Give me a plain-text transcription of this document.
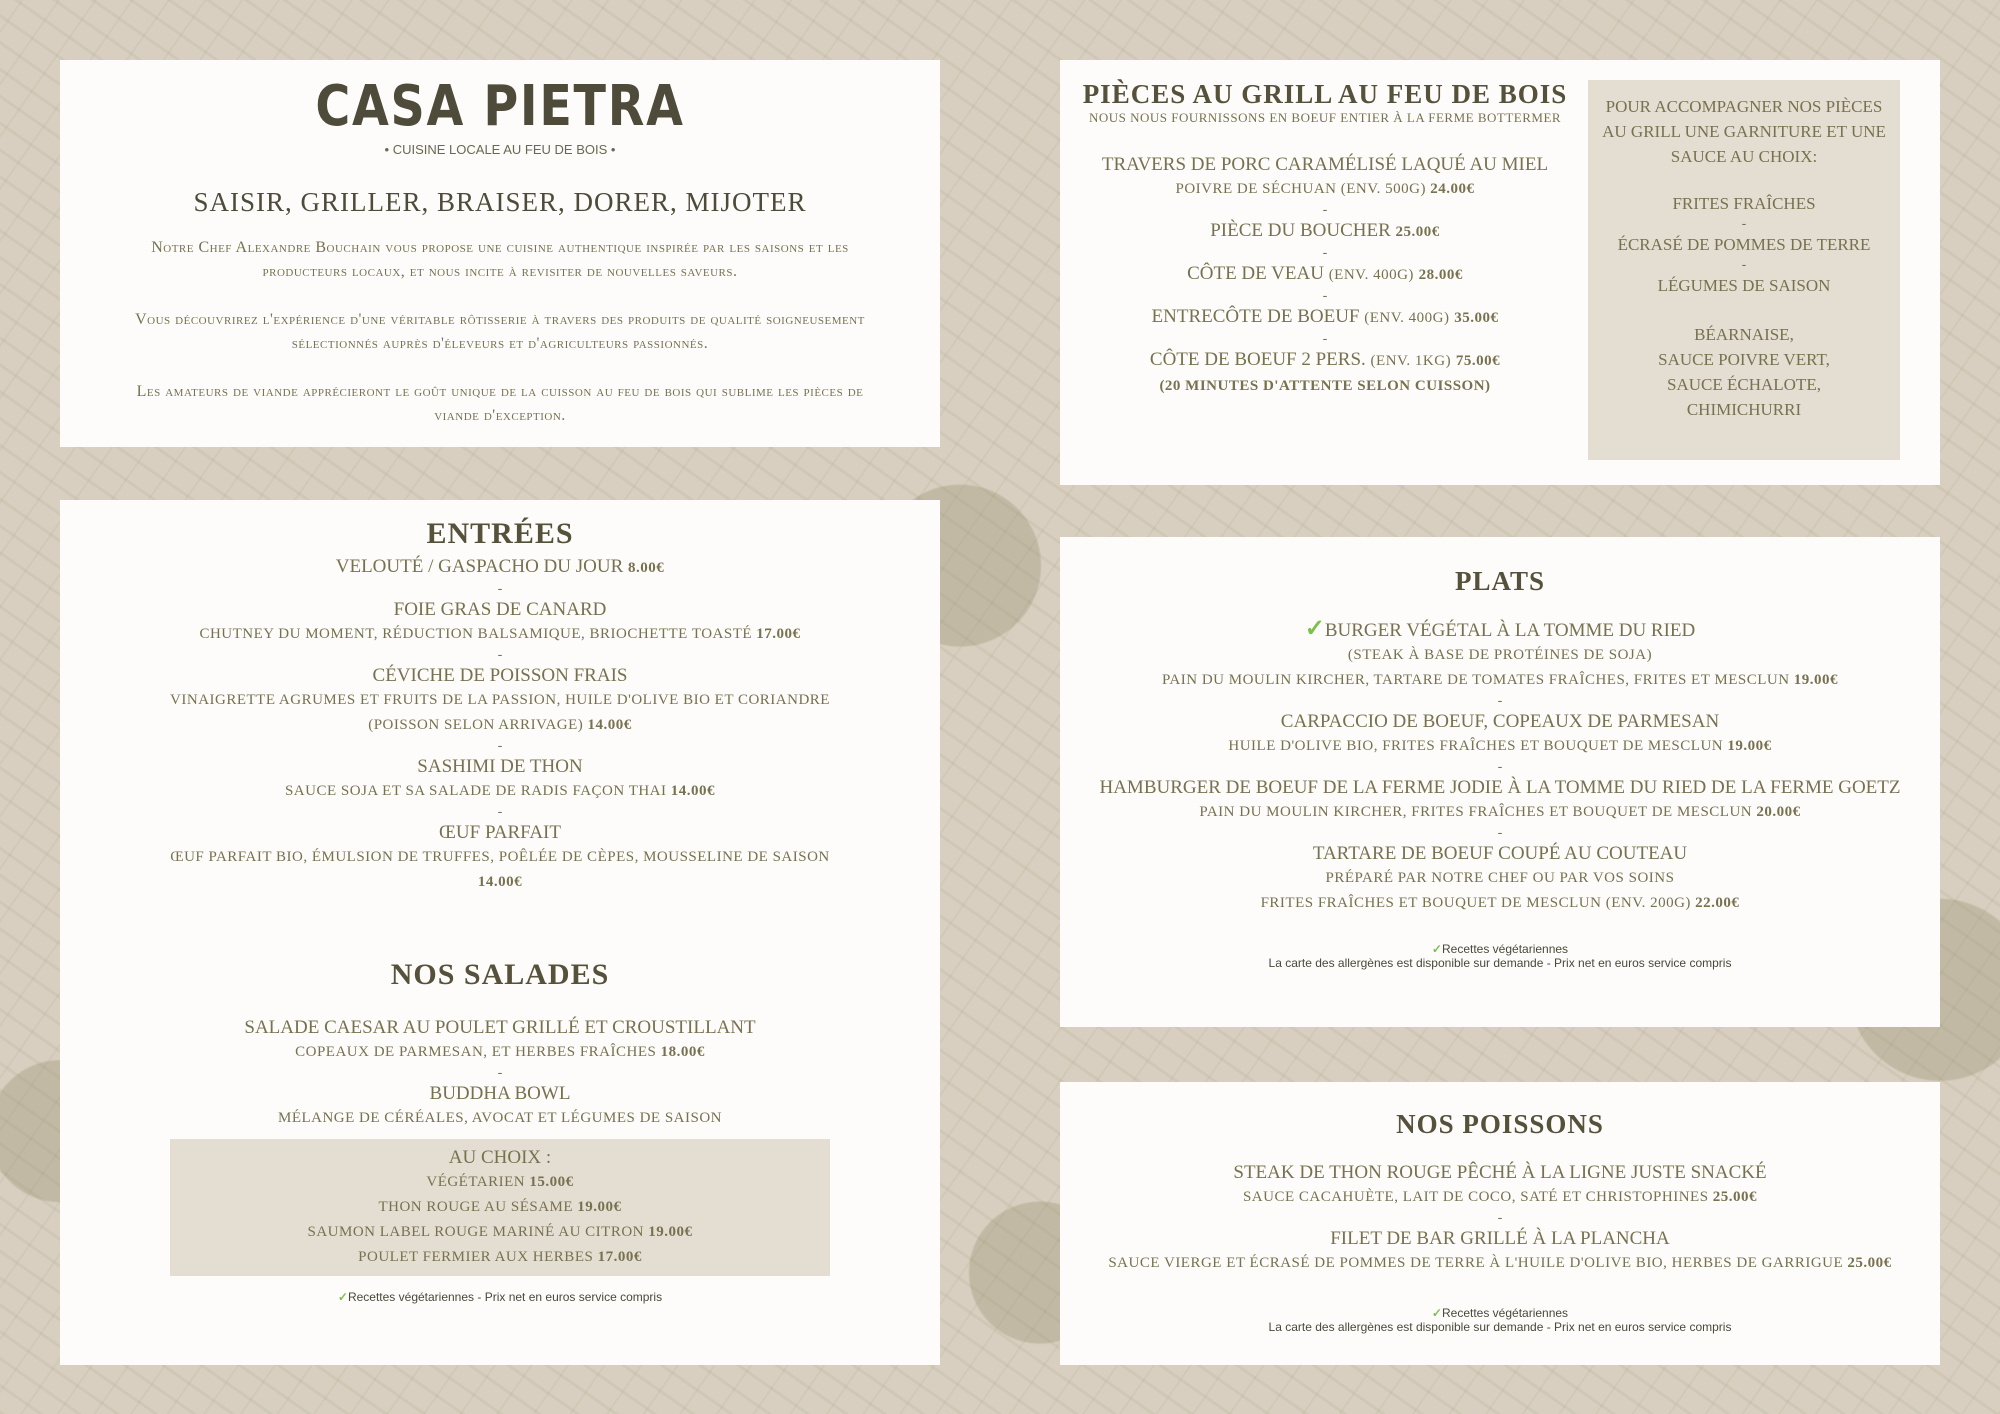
CASA PIETRA
• CUISINE LOCALE AU FEU DE BOIS •
SAISIR, GRILLER, BRAISER, DORER, MIJOTER

Notre Chef Alexandre Bouchain vous propose une cuisine authentique inspirée par les saisons et les producteurs locaux, et nous incite à revisiter de nouvelles saveurs.

Vous découvrirez l'expérience d'une véritable rôtisserie à travers des produits de qualité soigneusement sélectionnés auprès d'éleveurs et d'agriculteurs passionnés.

Les amateurs de viande apprécieront le goût unique de la cuisson au feu de bois qui sublime les pièces de viande d'exception.

ENTRÉES

VELOUTÉ / GASPACHO DU JOUR 8.00€

-

FOIE GRAS DE CANARD

CHUTNEY DU MOMENT, RÉDUCTION BALSAMIQUE, BRIOCHETTE TOASTÉ 17.00€

-

CÉVICHE DE POISSON FRAIS

VINAIGRETTE AGRUMES ET FRUITS DE LA PASSION, HUILE D'OLIVE BIO ET CORIANDRE

(POISSON SELON ARRIVAGE) 14.00€

-

SASHIMI DE THON

SAUCE SOJA ET SA SALADE DE RADIS FAÇON THAI 14.00€

-

ŒUF PARFAIT

ŒUF PARFAIT BIO, ÉMULSION DE TRUFFES, POÊLÉE DE CÈPES, MOUSSELINE DE SAISON

14.00€

NOS SALADES

SALADE CAESAR AU POULET GRILLÉ ET CROUSTILLANT

COPEAUX DE PARMESAN, ET HERBES FRAÎCHES 18.00€

-

BUDDHA BOWL

MÉLANGE DE CÉRÉALES, AVOCAT ET LÉGUMES DE SAISON

AU CHOIX :

VÉGÉTARIEN 15.00€

THON ROUGE AU SÉSAME 19.00€

SAUMON LABEL ROUGE MARINÉ AU CITRON 19.00€

POULET FERMIER AUX HERBES 17.00€

✓Recettes végétariennes - Prix net en euros service compris
PIÈCES AU GRILL AU FEU DE BOIS

NOUS NOUS FOURNISSONS EN BOEUF ENTIER À LA FERME BOTTERMER

TRAVERS DE PORC CARAMÉLISÉ LAQUÉ AU MIEL

POIVRE DE SÉCHUAN (ENV. 500G) 24.00€

-

PIÈCE DU BOUCHER 25.00€

-

CÔTE DE VEAU (ENV. 400G) 28.00€

-

ENTRECÔTE DE BOEUF (ENV. 400G) 35.00€

-

CÔTE DE BOEUF 2 PERS. (ENV. 1KG) 75.00€

(20 MINUTES D'ATTENTE SELON CUISSON)

POUR ACCOMPAGNER NOS PIÈCES AU GRILL UNE GARNITURE ET UNE SAUCE AU CHOIX:

FRITES FRAÎCHES

-

ÉCRASÉ DE POMMES DE TERRE

-

LÉGUMES DE SAISON

BÉARNAISE,

SAUCE POIVRE VERT,

SAUCE ÉCHALOTE,

CHIMICHURRI

PLATS

✓BURGER VÉGÉTAL À LA TOMME DU RIED

(STEAK À BASE DE PROTÉINES DE SOJA)

PAIN DU MOULIN KIRCHER, TARTARE DE TOMATES FRAÎCHES, FRITES ET MESCLUN 19.00€

-

CARPACCIO DE BOEUF, COPEAUX DE PARMESAN

HUILE D'OLIVE BIO, FRITES FRAÎCHES ET BOUQUET DE MESCLUN 19.00€

-

HAMBURGER DE BOEUF DE LA FERME JODIE À LA TOMME DU RIED DE LA FERME GOETZ

PAIN DU MOULIN KIRCHER, FRITES FRAÎCHES ET BOUQUET DE MESCLUN 20.00€

-

TARTARE DE BOEUF COUPÉ AU COUTEAU

PRÉPARÉ PAR NOTRE CHEF OU PAR VOS SOINS

FRITES FRAÎCHES ET BOUQUET DE MESCLUN (ENV. 200G) 22.00€

✓Recettes végétariennes
La carte des allergènes est disponible sur demande - Prix net en euros service compris
NOS POISSONS

STEAK DE THON ROUGE PÊCHÉ À LA LIGNE JUSTE SNACKÉ

SAUCE CACAHUÈTE, LAIT DE COCO, SATÉ ET CHRISTOPHINES 25.00€

-

FILET DE BAR GRILLÉ À LA PLANCHA

SAUCE VIERGE ET ÉCRASÉ DE POMMES DE TERRE À L'HUILE D'OLIVE BIO, HERBES DE GARRIGUE 25.00€

✓Recettes végétariennes
La carte des allergènes est disponible sur demande - Prix net en euros service compris
